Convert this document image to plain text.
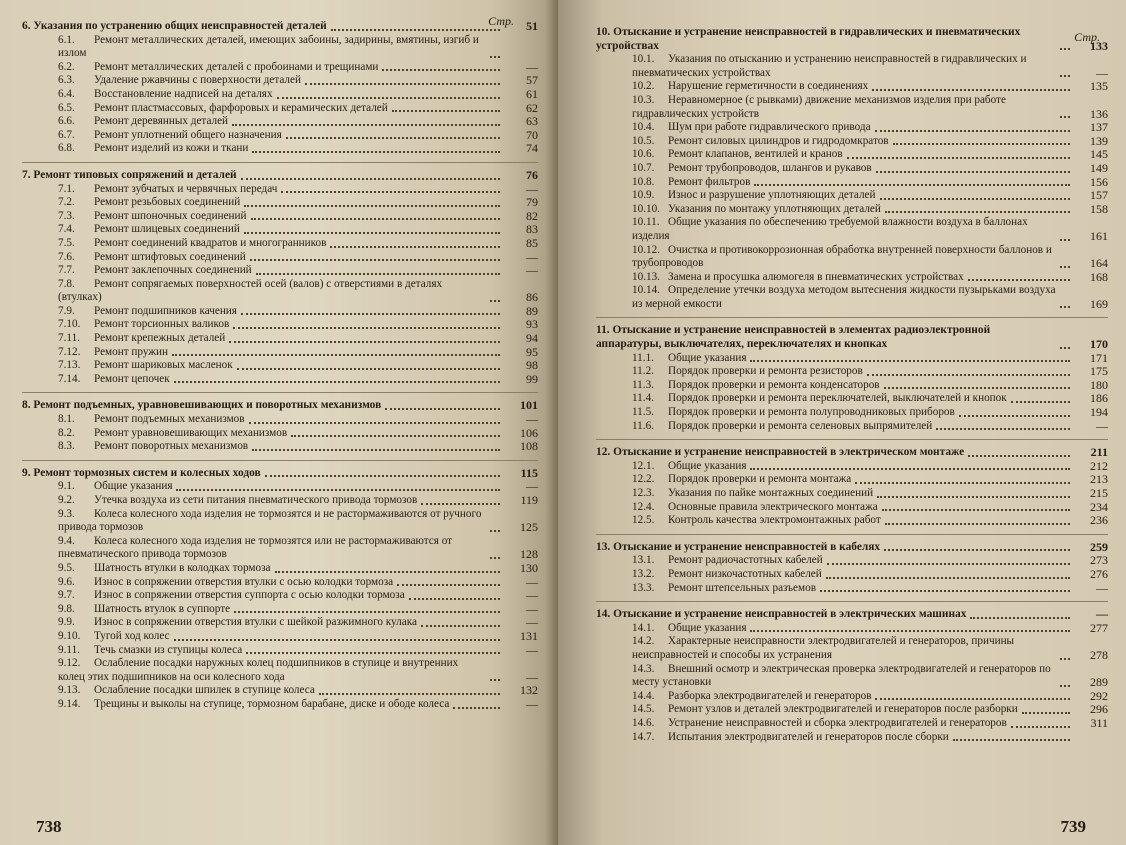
Стр.
6. Указания по устранению общих неисправностей деталей	51
6.1. Ремонт металлических деталей, имеющих забоины, задирины, вмятины, изгиб и излом
6.2. Ремонт металлических деталей с пробоинами и трещинами	—
6.3. Удаление ржавчины с поверхности деталей	57
6.4. Восстановление надписей на деталях	61
6.5. Ремонт пластмассовых, фарфоровых и керамических деталей	62
6.6. Ремонт деревянных деталей	63
6.7. Ремонт уплотнений общего назначения	70
6.8. Ремонт изделий из кожи и ткани	74
7. Ремонт типовых сопряжений и деталей	76
7.1. Ремонт зубчатых и червячных передач	—
7.2. Ремонт резьбовых соединений	79
7.3. Ремонт шпоночных соединений	82
7.4. Ремонт шлицевых соединений	83
7.5. Ремонт соединений квадратов и многогранников	85
7.6. Ремонт штифтовых соединений	—
7.7. Ремонт заклепочных соединений	—
7.8. Ремонт сопрягаемых поверхностей осей (валов) с отверстиями в деталях (втулках)	86
7.9. Ремонт подшипников качения	89
7.10. Ремонт торсионных валиков	93
7.11. Ремонт крепежных деталей	94
7.12. Ремонт пружин	95
7.13. Ремонт шариковых масленок	98
7.14. Ремонт цепочек	99
8. Ремонт подъемных, уравновешивающих и поворотных механизмов	101
8.1. Ремонт подъемных механизмов	—
8.2. Ремонт уравновешивающих механизмов	106
8.3. Ремонт поворотных механизмов	108
9. Ремонт тормозных систем и колесных ходов	115
9.1. Общие указания	—
9.2. Утечка воздуха из сети питания пневматического привода тормозов	119
9.3. Колеса колесного хода изделия не тормозятся и не растормаживаются от ручного привода тормозов	125
9.4. Колеса колесного хода изделия не тормозятся или не растормаживаются от пневматического привода тормозов	128
9.5. Шатность втулки в колодках тормоза	130
9.6. Износ в сопряжении отверстия втулки с осью колодки тормоза	—
9.7. Износ в сопряжении отверстия суппорта с осью колодки тормоза	—
9.8. Шатность втулок в суппорте	—
9.9. Износ в сопряжении отверстия втулки с шейкой разжимного кулака	—
9.10. Тугой ход колес	131
9.11. Течь смазки из ступицы колеса	—
9.12. Ослабление посадки наружных колец подшипников в ступице и внутренних колец этих подшипников на оси колесного хода	—
9.13. Ослабление посадки шпилек в ступице колеса	132
9.14. Трещины и выколы на ступице, тормозном барабане, диске и ободе колеса	—
738
Стр.
10. Отыскание и устранение неисправностей в гидравлических и пневматических устройствах	133
10.1. Указания по отысканию и устранению неисправностей в гидравлических и пневматических устройствах	—
10.2. Нарушение герметичности в соединениях	135
10.3. Неравномерное (с рывками) движение механизмов изделия при работе гидравлических устройств	136
10.4. Шум при работе гидравлического привода	137
10.5. Ремонт силовых цилиндров и гидродомкратов	139
10.6. Ремонт клапанов, вентилей и кранов	145
10.7. Ремонт трубопроводов, шлангов и рукавов	149
10.8. Ремонт фильтров	156
10.9. Износ и разрушение уплотняющих деталей	157
10.10. Указания по монтажу уплотняющих деталей	158
10.11. Общие указания по обеспечению требуемой влажности воздуха в баллонах изделия	161
10.12. Очистка и противокоррозионная обработка внутренней поверхности баллонов и трубопроводов	164
10.13. Замена и просушка алюмогеля в пневматических устройствах	168
10.14. Определение утечки воздуха методом вытеснения жидкости пузырьками воздуха из мерной емкости	169
11. Отыскание и устранение неисправностей в элементах радиоэлектронной аппаратуры, выключателях, переключателях и кнопках	170
11.1. Общие указания	171
11.2. Порядок проверки и ремонта резисторов	175
11.3. Порядок проверки и ремонта конденсаторов	180
11.4. Порядок проверки и ремонта переключателей, выключателей и кнопок	186
11.5. Порядок проверки и ремонта полупроводниковых приборов	194
11.6. Порядок проверки и ремонта селеновых выпрямителей	—
12. Отыскание и устранение неисправностей в электрическом монтаже	211
12.1. Общие указания	212
12.2. Порядок проверки и ремонта монтажа	213
12.3. Указания по пайке монтажных соединений	215
12.4. Основные правила электрического монтажа	234
12.5. Контроль качества электромонтажных работ	236
13. Отыскание и устранение неисправностей в кабелях	259
13.1. Ремонт радиочастотных кабелей	273
13.2. Ремонт низкочастотных кабелей	276
13.3. Ремонт штепсельных разъемов	—
14. Отыскание и устранение неисправностей в электрических машинах	—
14.1. Общие указания	277
14.2. Характерные неисправности электродвигателей и генераторов, причины неисправностей и способы их устранения	278
14.3. Внешний осмотр и электрическая проверка электродвигателей и генераторов по месту установки	289
14.4. Разборка электродвигателей и генераторов	292
14.5. Ремонт узлов и деталей электродвигателей и генераторов после разборки	296
14.6. Устранение неисправностей и сборка электродвигателей и генераторов	311
14.7. Испытания электродвигателей и генераторов после сборки
739
